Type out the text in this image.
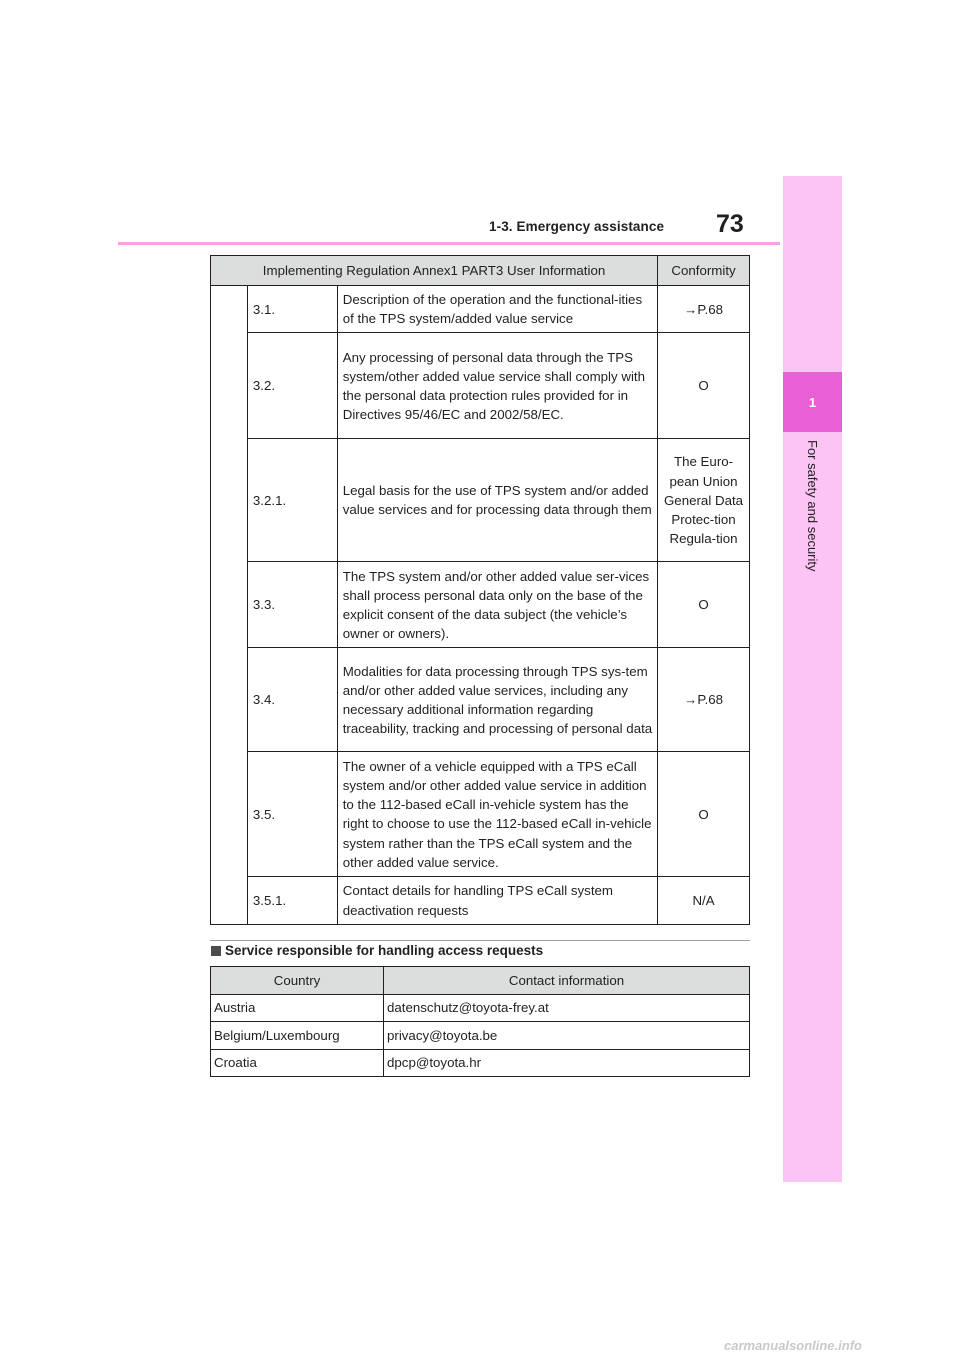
1-3. Emergency assistance 73
1
For safety and security
Implementing Regulation Annex1 PART3 User Information			Conformity
	3.1.	Description of the operation and the functional-ities of the TPS system/added value service	→P.68
	3.2.	Any processing of personal data through the TPS system/other added value service shall comply with the personal data protection rules provided for in Directives 95/46/EC and 2002/58/EC.	O
	3.2.1.	Legal basis for the use of TPS system and/or added value services and for processing data through them	The Euro-pean Union General Data Protec-tion Regula-tion
	3.3.	The TPS system and/or other added value ser-vices shall process personal data only on the base of the explicit consent of the data subject (the vehicle’s owner or owners).	O
	3.4.	Modalities for data processing through TPS sys-tem and/or other added value services, including any necessary additional information regarding traceability, tracking and processing of personal data	→P.68
	3.5.	The owner of a vehicle equipped with a TPS eCall system and/or other added value service in addition to the 112-based eCall in-vehicle system has the right to choose to use the 112-based eCall in-vehicle system rather than the TPS eCall system and the other added value service.	O
	3.5.1.	Contact details for handling TPS eCall system deactivation requests	N/A
Service responsible for handling access requests
Country	Contact information
Austria	datenschutz@toyota-frey.at
Belgium/Luxembourg	privacy@toyota.be
Croatia	dpcp@toyota.hr
carmanualsonline.info
